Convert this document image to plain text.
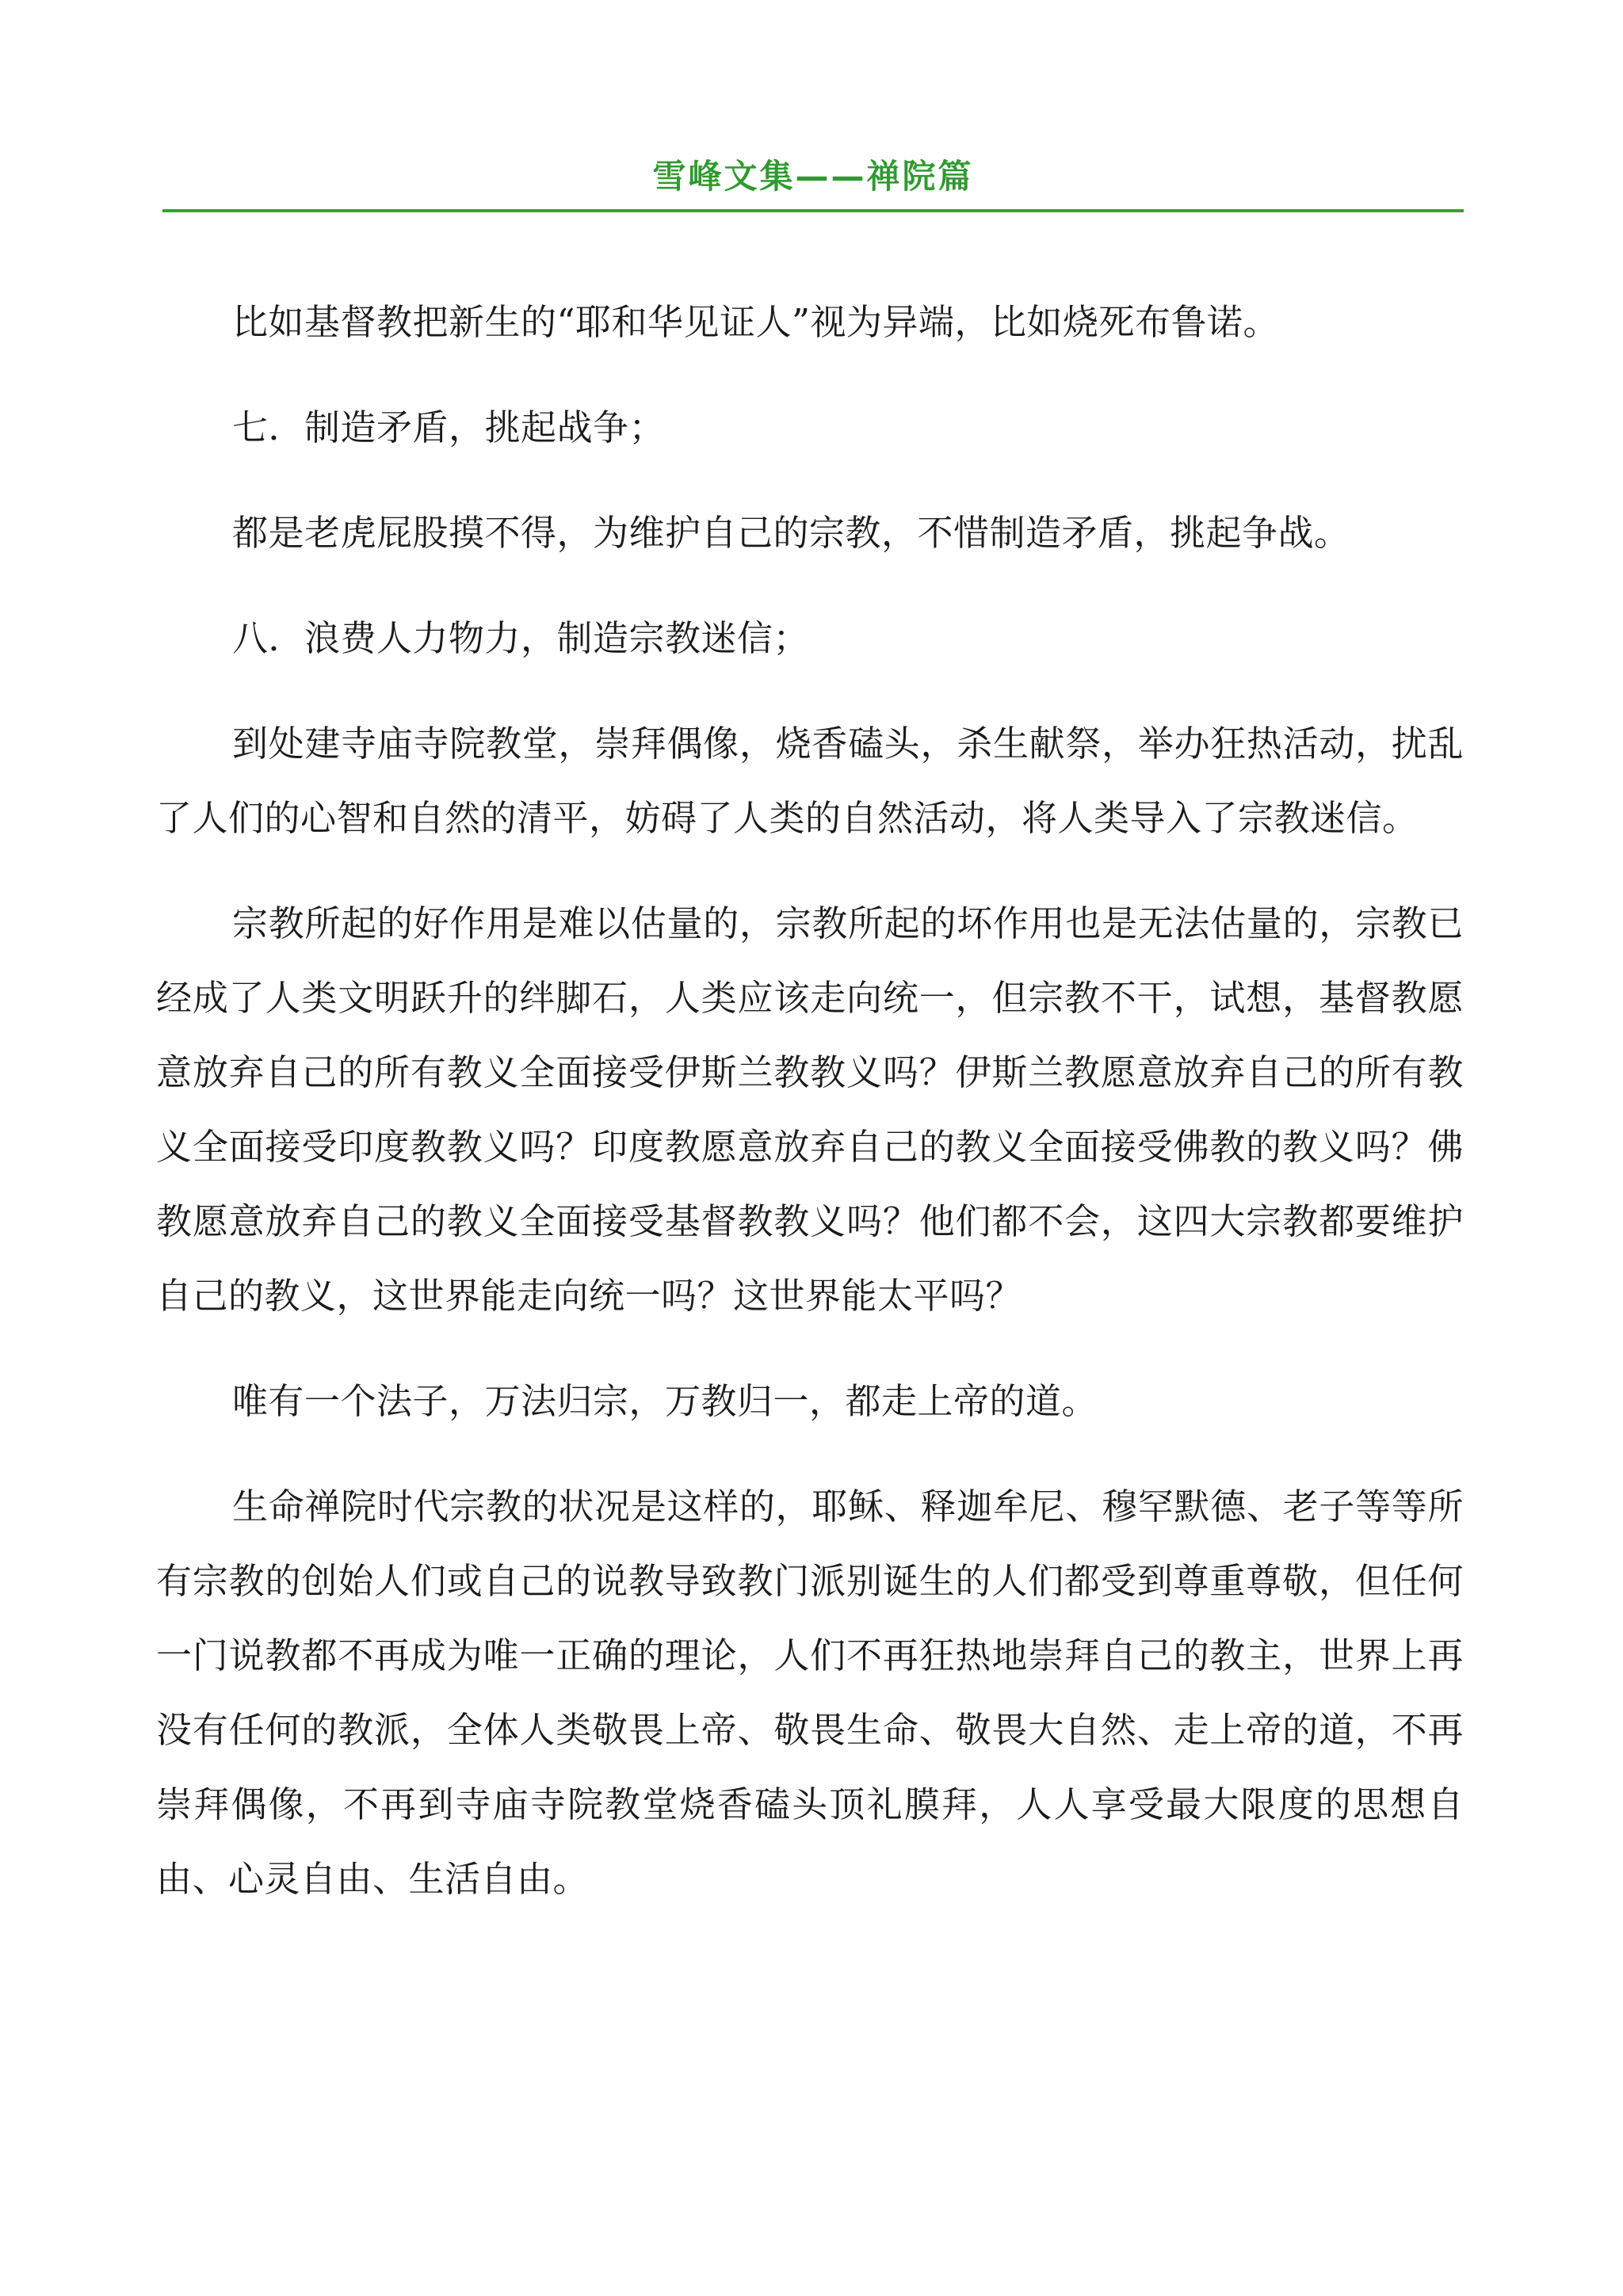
雪峰文集——禅院篇

比如基督教把新生的“耶和华见证人”视为异端，比如烧死布鲁诺。

七．制造矛盾，挑起战争；

都是老虎屁股摸不得，为维护自己的宗教，不惜制造矛盾，挑起争战。

八．浪费人力物力，制造宗教迷信；

到处建寺庙寺院教堂，崇拜偶像，烧香磕头，杀生献祭，举办狂热活动，扰乱了人们的心智和自然的清平，妨碍了人类的自然活动，将人类导入了宗教迷信。

宗教所起的好作用是难以估量的，宗教所起的坏作用也是无法估量的，宗教已经成了人类文明跃升的绊脚石，人类应该走向统一，但宗教不干，试想，基督教愿意放弃自己的所有教义全面接受伊斯兰教教义吗？伊斯兰教愿意放弃自己的所有教义全面接受印度教教义吗？印度教愿意放弃自己的教义全面接受佛教的教义吗？佛教愿意放弃自己的教义全面接受基督教教义吗？他们都不会，这四大宗教都要维护自己的教义，这世界能走向统一吗？这世界能太平吗？

唯有一个法子，万法归宗，万教归一，都走上帝的道。

生命禅院时代宗教的状况是这样的，耶稣、释迦牟尼、穆罕默德、老子等等所有宗教的创始人们或自己的说教导致教门派别诞生的人们都受到尊重尊敬，但任何一门说教都不再成为唯一正确的理论，人们不再狂热地崇拜自己的教主，世界上再没有任何的教派，全体人类敬畏上帝、敬畏生命、敬畏大自然、走上帝的道，不再崇拜偶像，不再到寺庙寺院教堂烧香磕头顶礼膜拜，人人享受最大限度的思想自由、心灵自由、生活自由。
